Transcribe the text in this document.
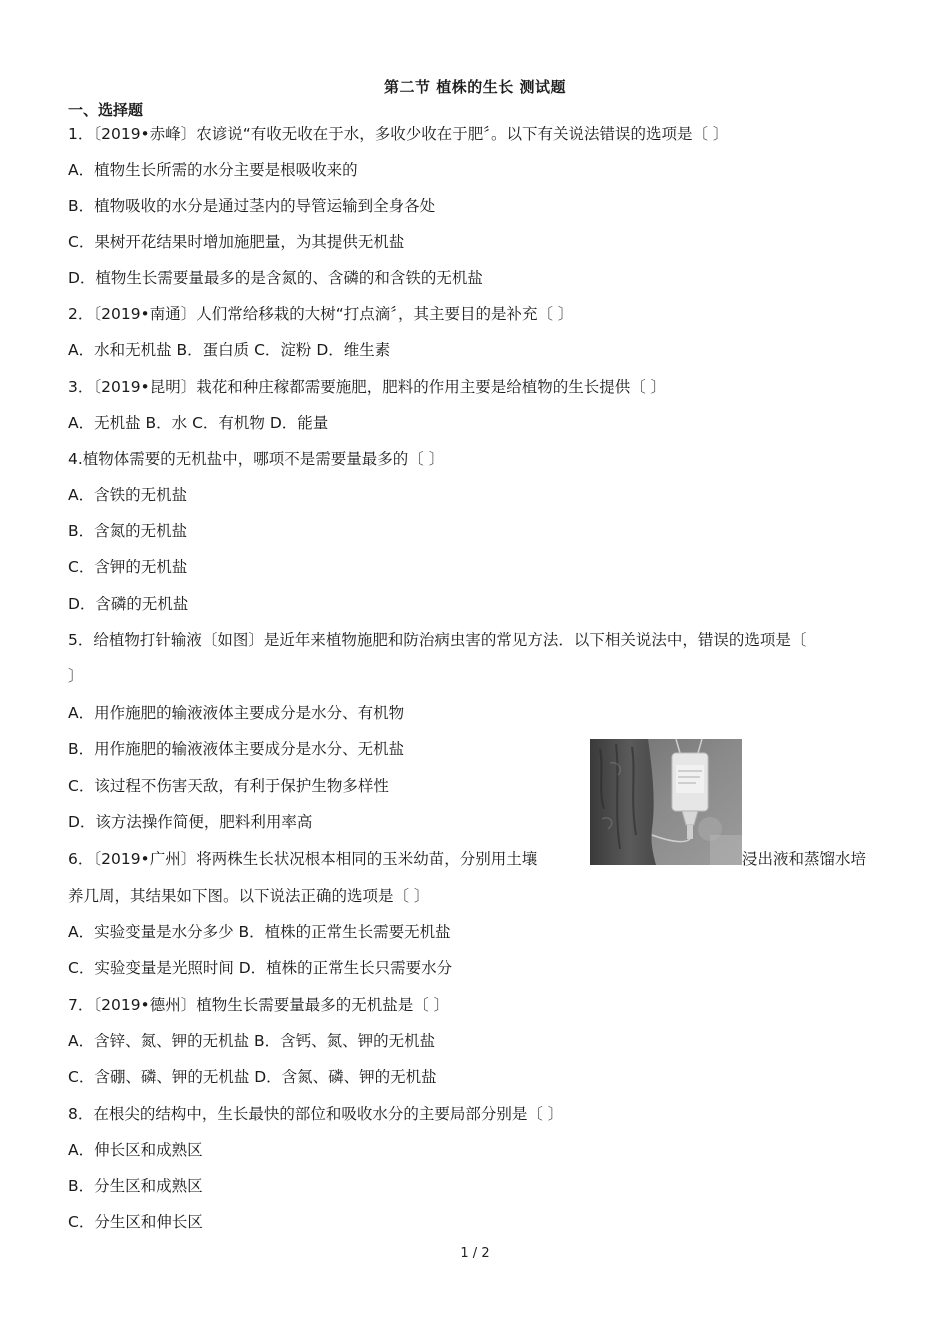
第二节 植株的生长 测试题
一、选择题
1．〔2019•赤峰〕农谚说“有收无收在于水，多收少收在于肥〞。以下有关说法错误的选项是〔 〕
A．植物生长所需的水分主要是根吸收来的
B．植物吸收的水分是通过茎内的导管运输到全身各处
C．果树开花结果时增加施肥量，为其提供无机盐
D．植物生长需要量最多的是含氮的、含磷的和含铁的无机盐
2．〔2019•南通〕人们常给移栽的大树“打点滴〞，其主要目的是补充〔 〕
A．水和无机盐 B．蛋白质 C．淀粉 D．维生素
3．〔2019•昆明〕栽花和种庄稼都需要施肥，肥料的作用主要是给植物的生长提供〔 〕
A．无机盐 B．水 C．有机物 D．能量
4.植物体需要的无机盐中，哪项不是需要量最多的〔 〕
A．含铁的无机盐
B．含氮的无机盐
C．含钾的无机盐
D．含磷的无机盐
5．给植物打针输液〔如图〕是近年来植物施肥和防治病虫害的常见方法．以下相关说法中，错误的选项是〔
〕
A．用作施肥的输液液体主要成分是水分、有机物
B．用作施肥的输液液体主要成分是水分、无机盐
C．该过程不伤害天敌，有利于保护生物多样性
D．该方法操作简便，肥料利用率高
6．〔2019•广州〕将两株生长状况根本相同的玉米幼苗，分别用土壤	浸出液和蒸馏水培
养几周，其结果如下图。以下说法正确的选项是〔 〕
A．实验变量是水分多少 B．植株的正常生长需要无机盐
C．实验变量是光照时间 D．植株的正常生长只需要水分
7．〔2019•德州〕植物生长需要量最多的无机盐是〔 〕
A．含锌、氮、钾的无机盐 B．含钙、氮、钾的无机盐
C．含硼、磷、钾的无机盐 D．含氮、磷、钾的无机盐
8．在根尖的结构中，生长最快的部位和吸收水分的主要局部分别是〔 〕
A．伸长区和成熟区
B．分生区和成熟区
C．分生区和伸长区
1 / 2
